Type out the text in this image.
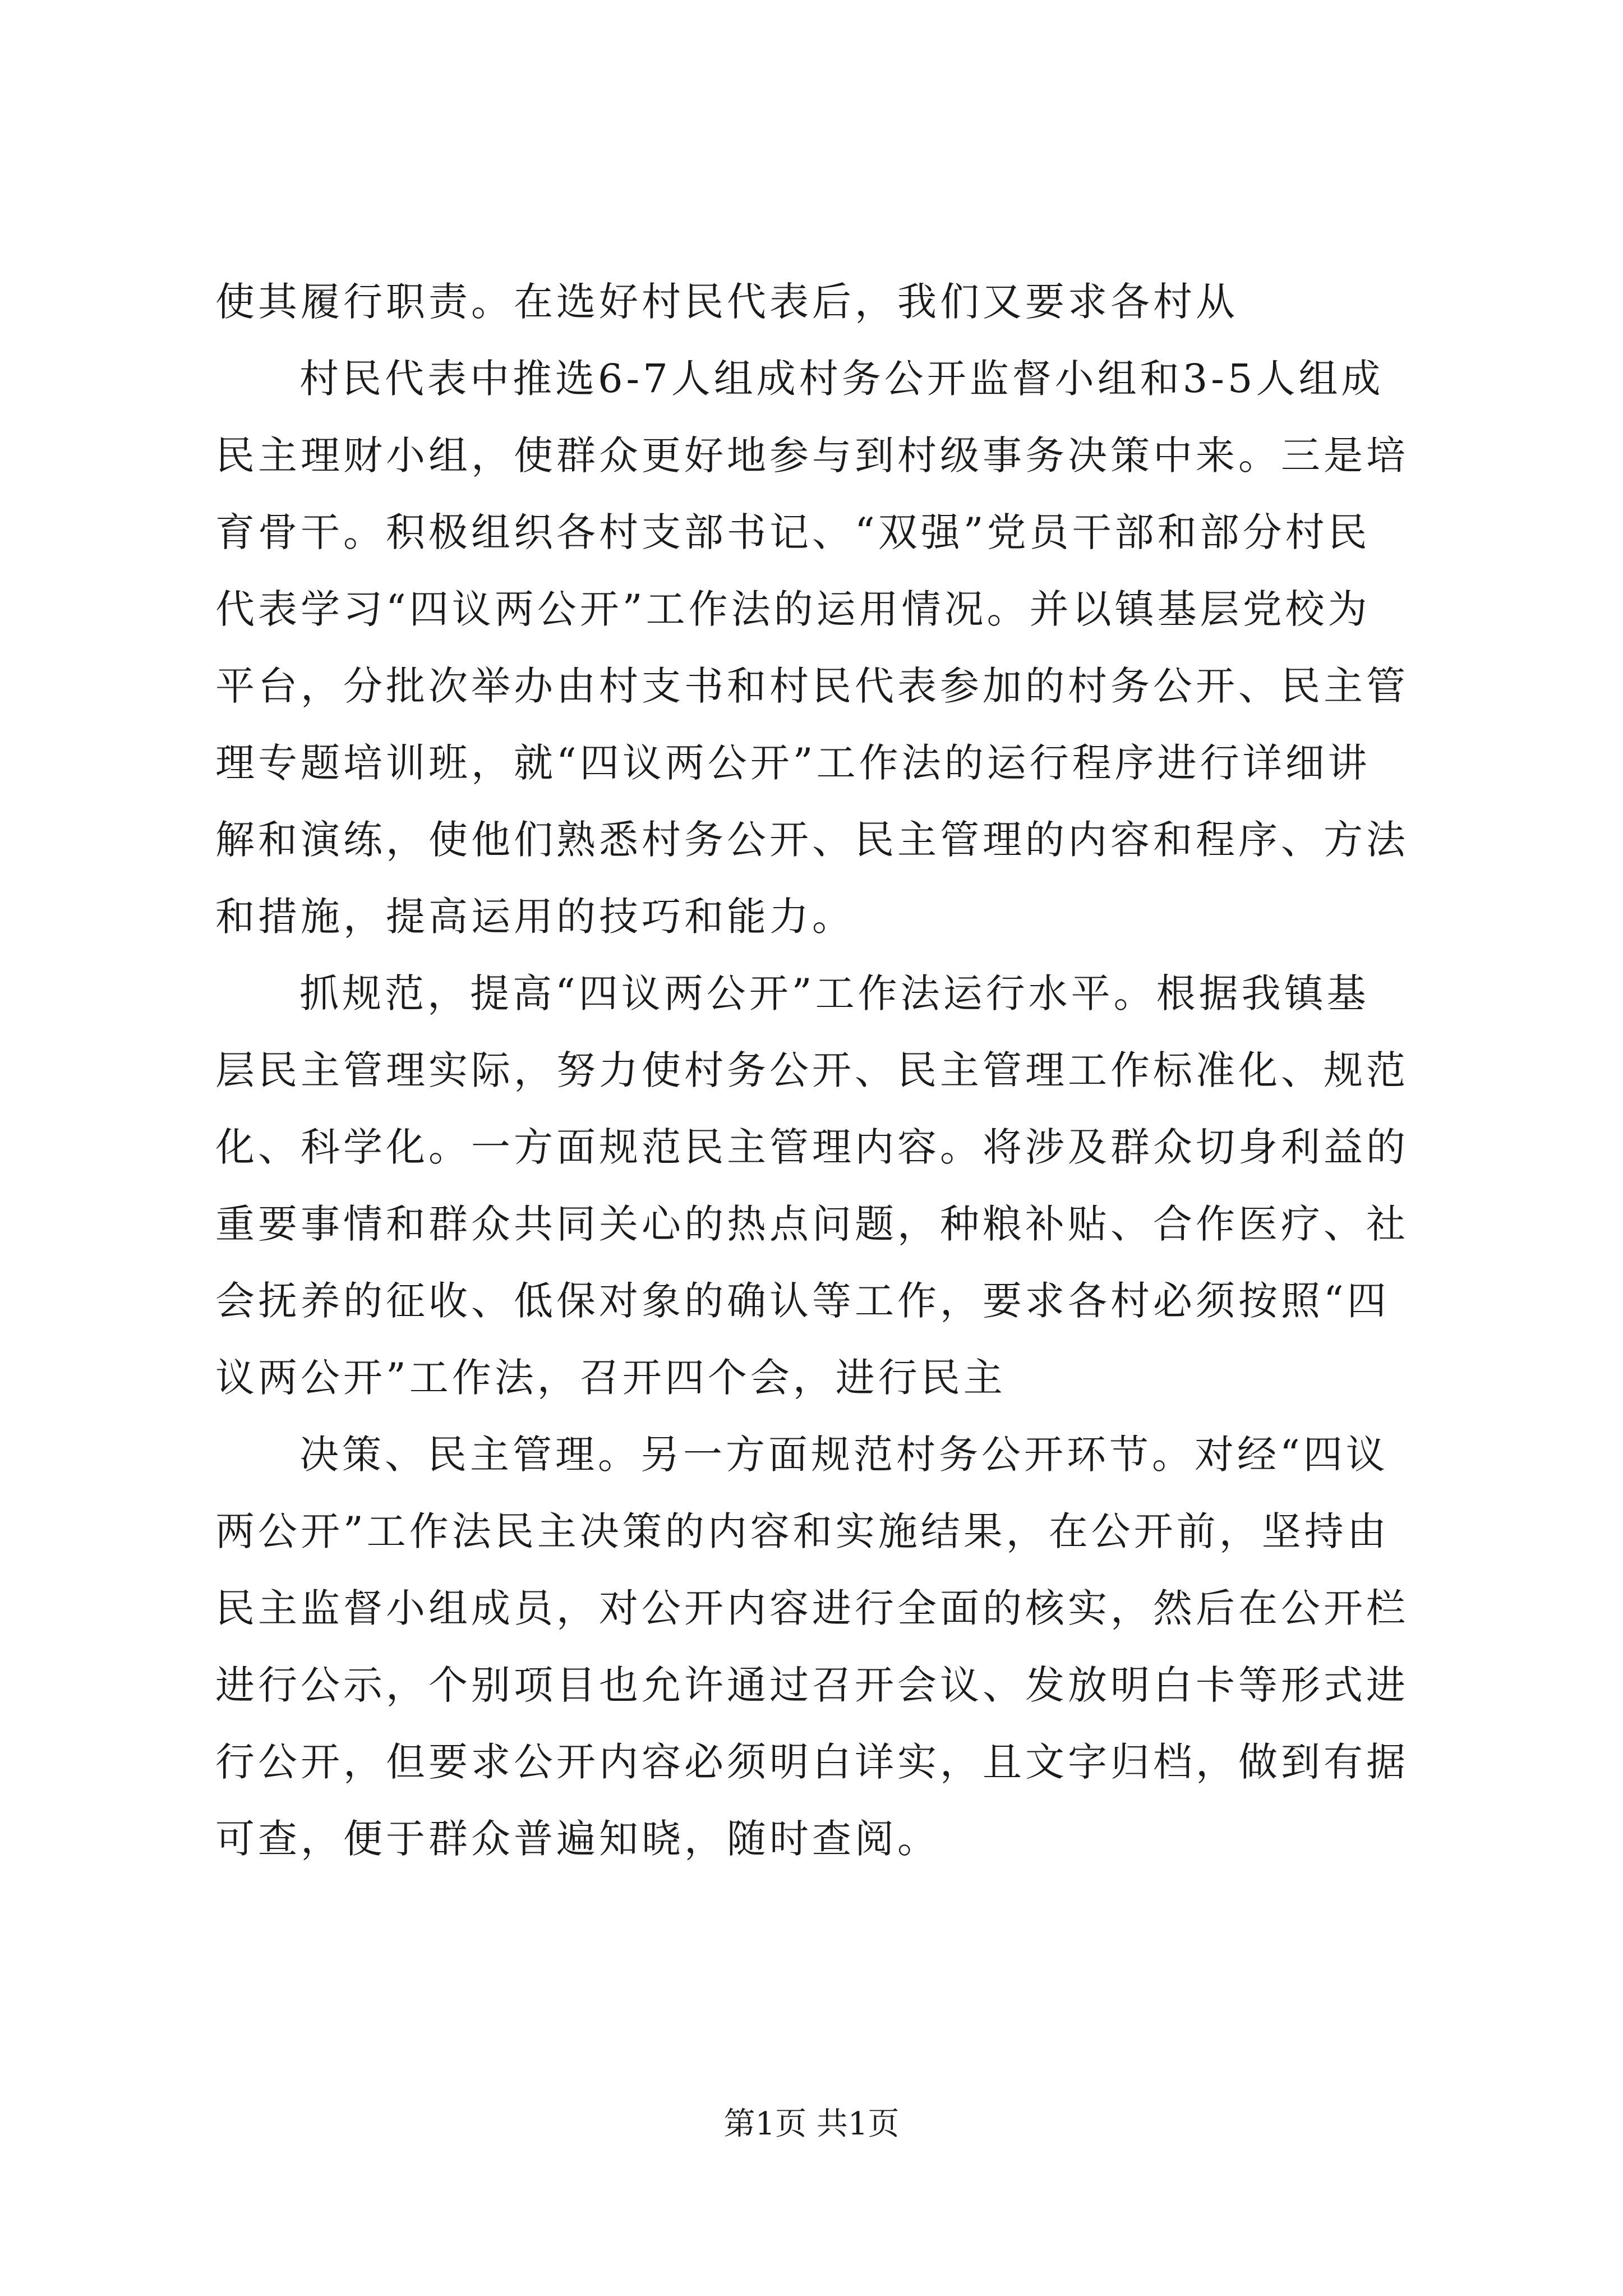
使其履行职责。在选好村民代表后，我们又要求各村从
村民代表中推选6-7人组成村务公开监督小组和3-5人组成
民主理财小组，使群众更好地参与到村级事务决策中来。三是培
育骨干。积极组织各村支部书记、“双强”党员干部和部分村民
代表学习“四议两公开”工作法的运用情况。并以镇基层党校为
平台，分批次举办由村支书和村民代表参加的村务公开、民主管
理专题培训班，就“四议两公开”工作法的运行程序进行详细讲
解和演练，使他们熟悉村务公开、民主管理的内容和程序、方法
和措施，提高运用的技巧和能力。
抓规范，提高“四议两公开”工作法运行水平。根据我镇基
层民主管理实际，努力使村务公开、民主管理工作标准化、规范
化、科学化。一方面规范民主管理内容。将涉及群众切身利益的
重要事情和群众共同关心的热点问题，种粮补贴、合作医疗、社
会抚养的征收、低保对象的确认等工作，要求各村必须按照“四
议两公开”工作法，召开四个会，进行民主
决策、民主管理。另一方面规范村务公开环节。对经“四议
两公开”工作法民主决策的内容和实施结果，在公开前，坚持由
民主监督小组成员，对公开内容进行全面的核实，然后在公开栏
进行公示，个别项目也允许通过召开会议、发放明白卡等形式进
行公开，但要求公开内容必须明白详实，且文字归档，做到有据
可查，便于群众普遍知晓，随时查阅。
第1页 共1页
